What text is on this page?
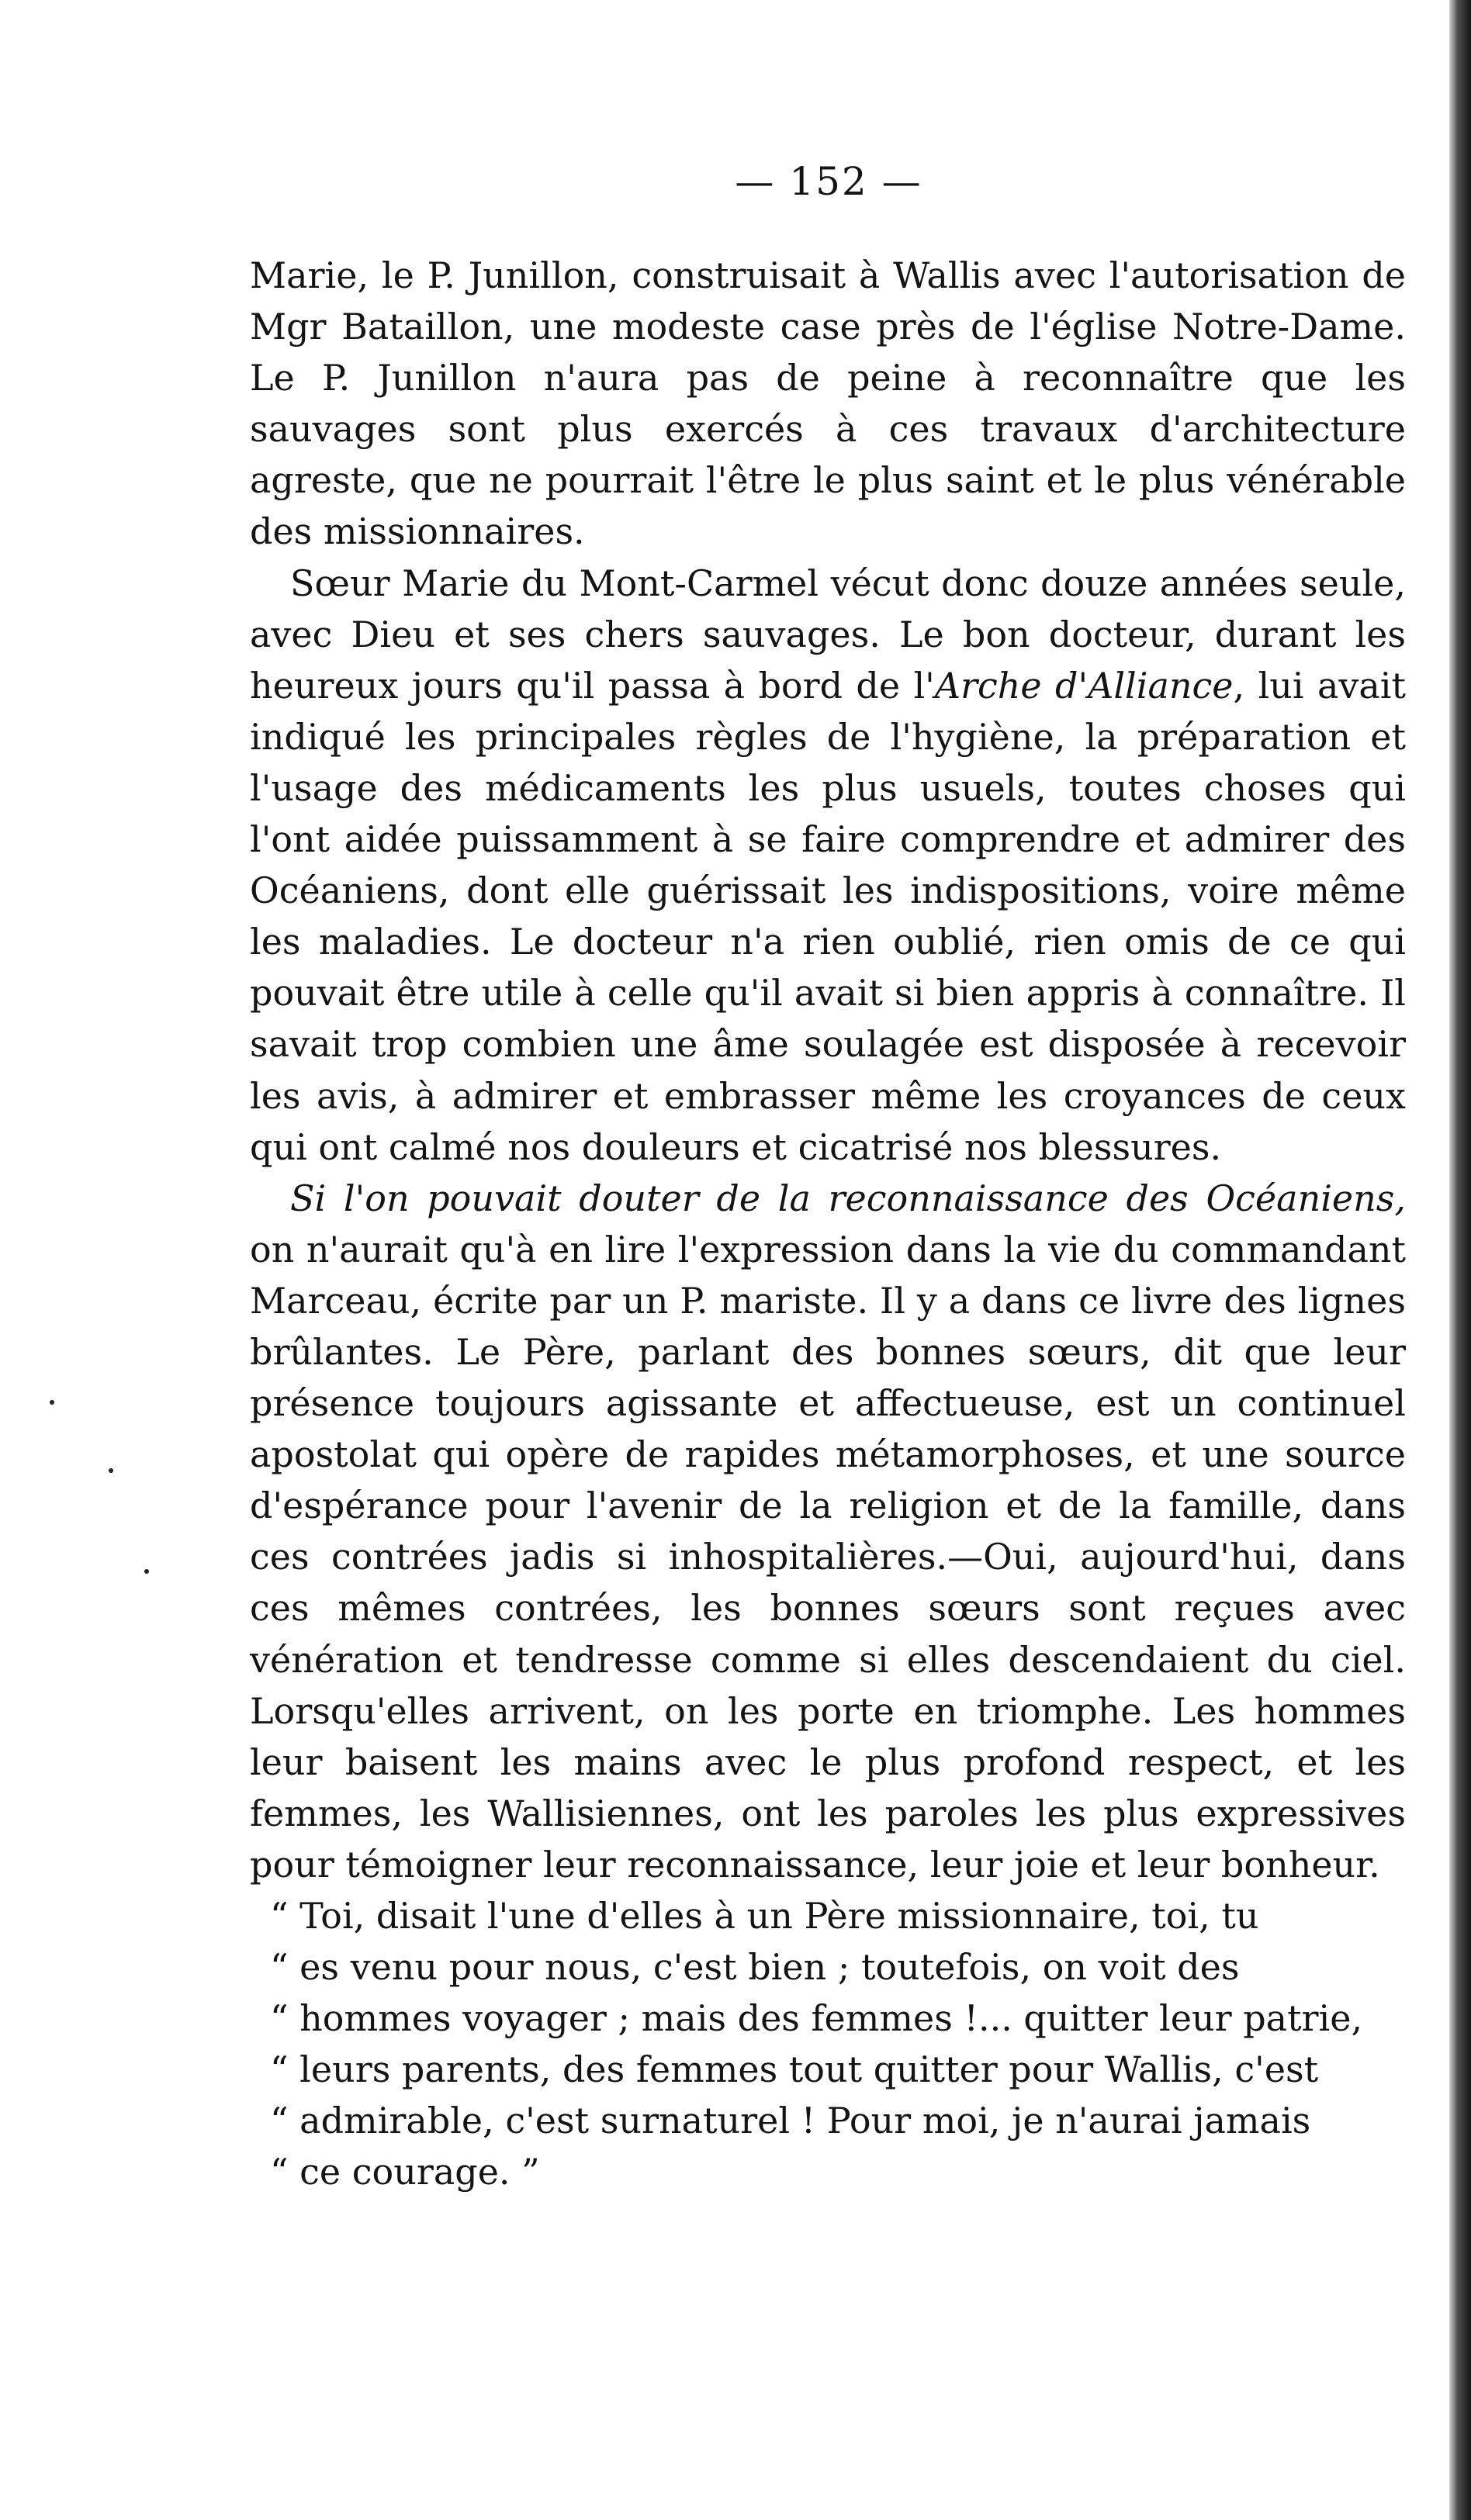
— 152 —

Marie, le P. Junillon, construisait à Wallis avec l'autorisation de Mgr Bataillon, une modeste case près de l'église Notre-Dame. Le P. Junillon n'aura pas de peine à reconnaître que les sauvages sont plus exercés à ces travaux d'architecture agreste, que ne pourrait l'être le plus saint et le plus vénérable des missionnaires.

Sœur Marie du Mont-Carmel vécut donc douze années seule, avec Dieu et ses chers sauvages. Le bon docteur, durant les heureux jours qu'il passa à bord de l'Arche d'Alliance, lui avait indiqué les principales règles de l'hygiène, la préparation et l'usage des médicaments les plus usuels, toutes choses qui l'ont aidée puissamment à se faire comprendre et admirer des Océaniens, dont elle guérissait les indispositions, voire même les maladies. Le docteur n'a rien oublié, rien omis de ce qui pouvait être utile à celle qu'il avait si bien appris à connaître. Il savait trop combien une âme soulagée est disposée à recevoir les avis, à admirer et embrasser même les croyances de ceux qui ont calmé nos douleurs et cicatrisé nos blessures.

Si l'on pouvait douter de la reconnaissance des Océaniens, on n'aurait qu'à en lire l'expression dans la vie du commandant Marceau, écrite par un P. mariste. Il y a dans ce livre des lignes brûlantes. Le Père, parlant des bonnes sœurs, dit que leur présence toujours agissante et affectueuse, est un continuel apostolat qui opère de rapides métamorphoses, et une source d'espérance pour l'avenir de la religion et de la famille, dans ces contrées jadis si inhospitalières.—Oui, aujourd'hui, dans ces mêmes contrées, les bonnes sœurs sont reçues avec vénération et tendresse comme si elles descendaient du ciel. Lorsqu'elles arrivent, on les porte en triomphe. Les hommes leur baisent les mains avec le plus profond respect, et les femmes, les Wallisiennes, ont les paroles les plus expressives pour témoigner leur reconnaissance, leur joie et leur bonheur.

“ Toi, disait l'une d'elles à un Père missionnaire, toi, tu

“ es venu pour nous, c'est bien ; toutefois, on voit des

“ hommes voyager ; mais des femmes !... quitter leur patrie,

“ leurs parents, des femmes tout quitter pour Wallis, c'est

“ admirable, c'est surnaturel ! Pour moi, je n'aurai jamais

“ ce courage. ”
